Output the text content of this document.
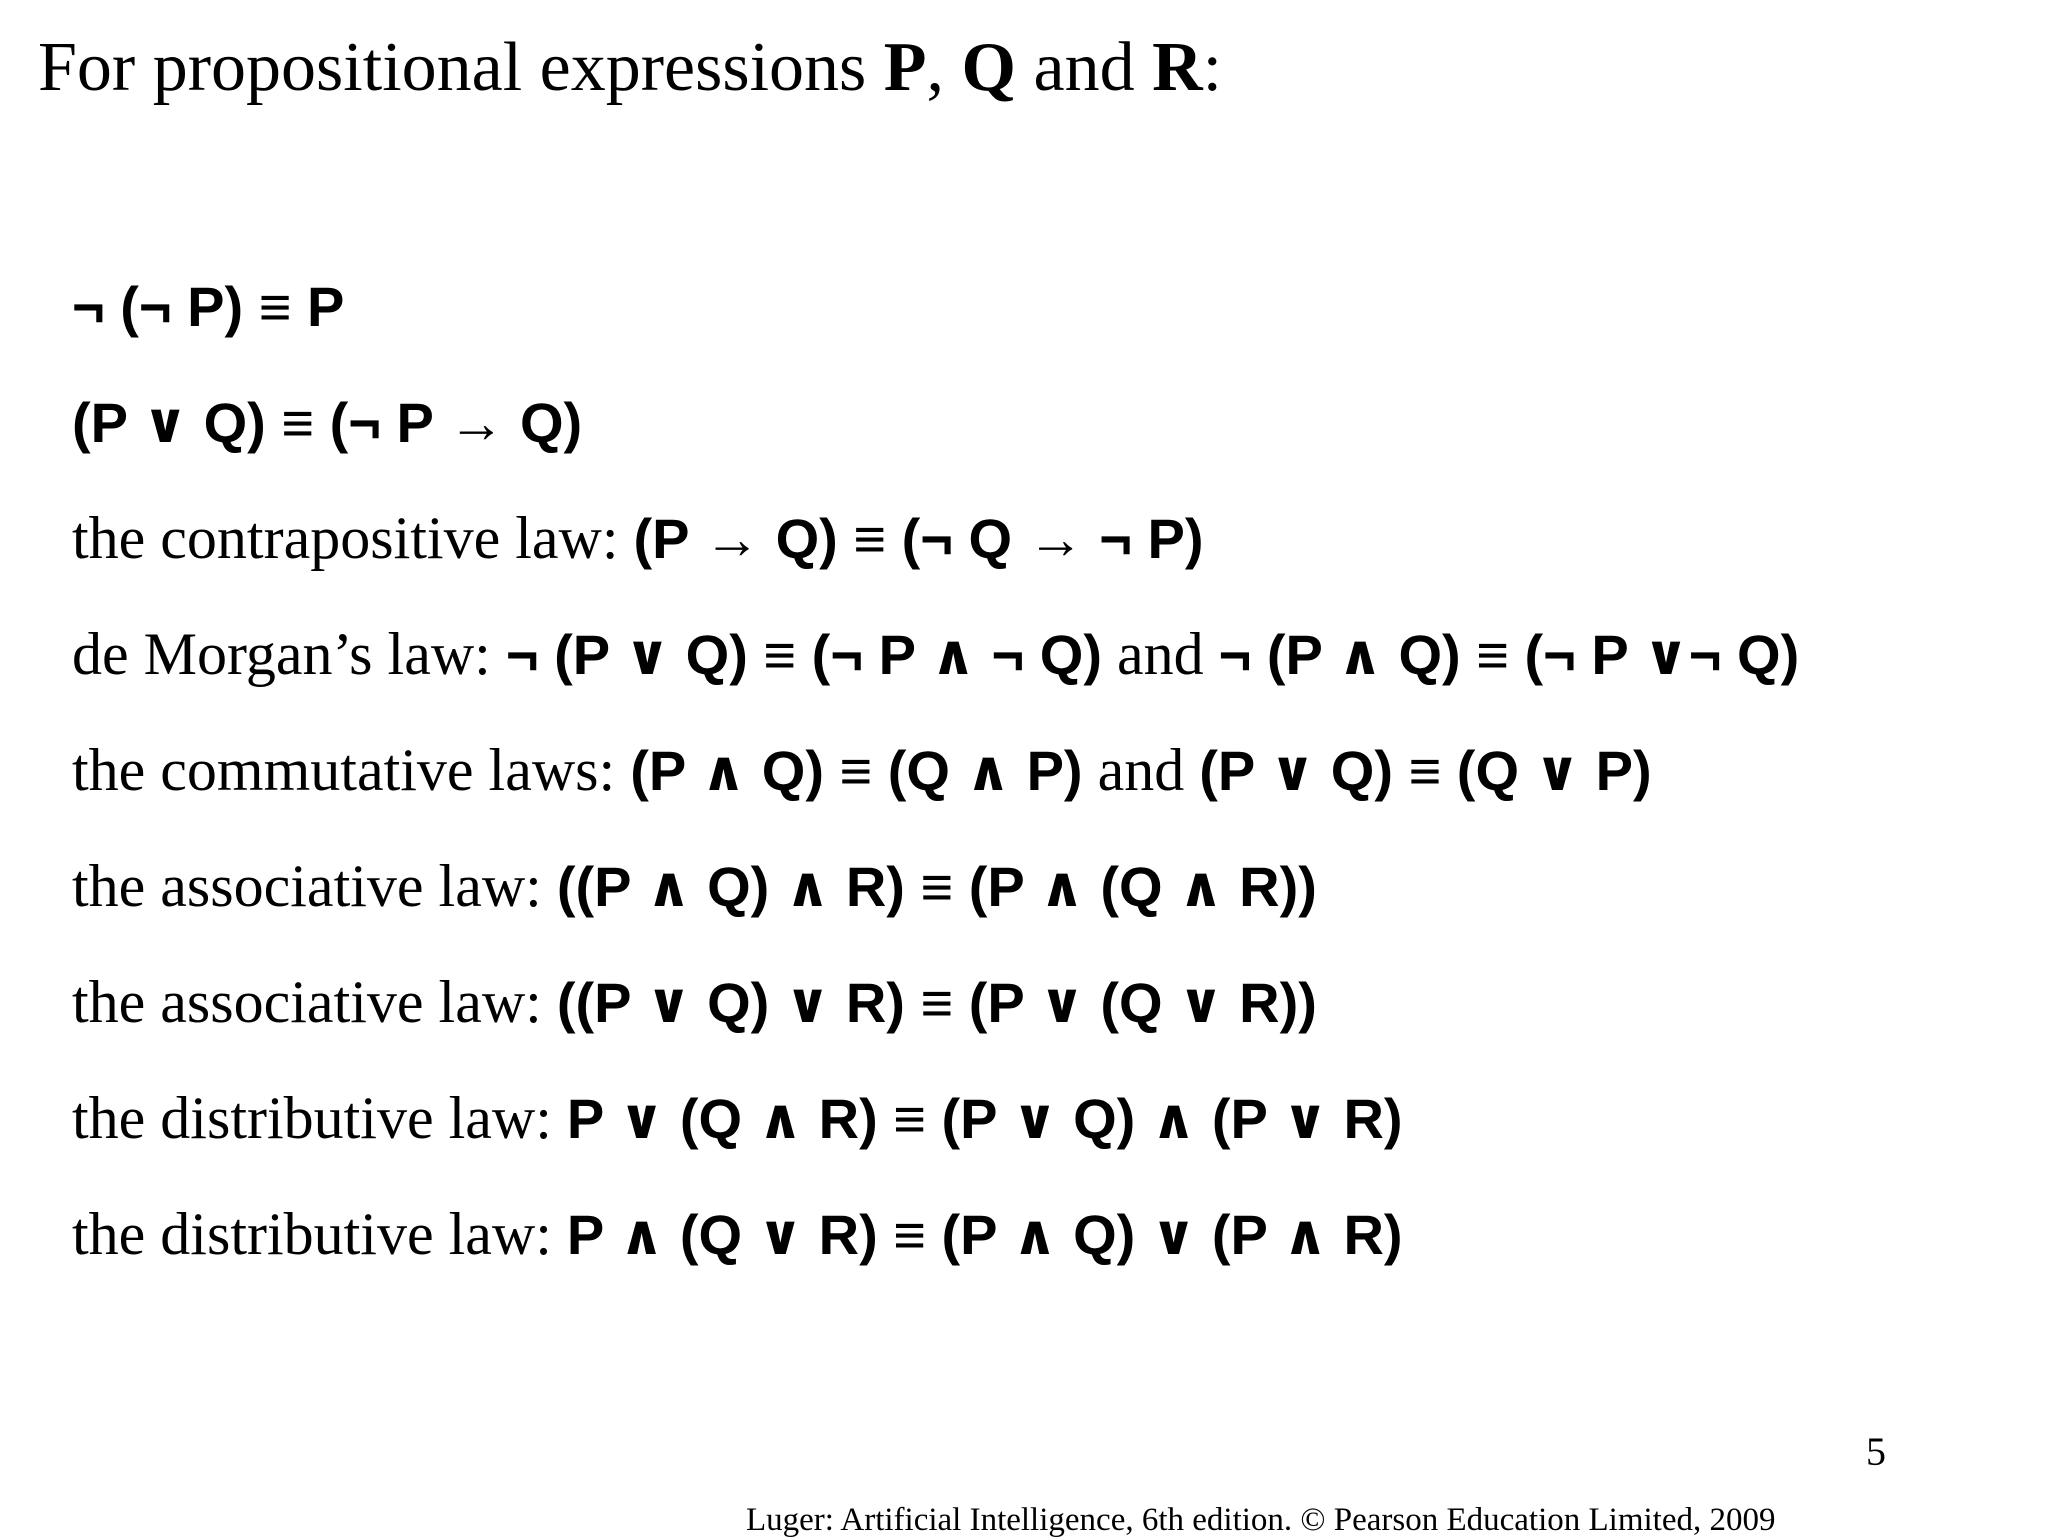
For propositional expressions P, Q and R:
¬ (¬ P) ≡ P
(P ∨ Q) ≡ (¬ P → Q)
the contrapositive law: (P → Q) ≡ (¬ Q → ¬ P)
de Morgan’s law: ¬ (P ∨ Q) ≡ (¬ P ∧ ¬ Q) and ¬ (P ∧ Q) ≡ (¬ P ∨¬ Q)
the commutative laws: (P ∧ Q) ≡ (Q ∧ P) and (P ∨ Q) ≡ (Q ∨ P)
the associative law: ((P ∧ Q) ∧ R) ≡ (P ∧ (Q ∧ R))
the associative law: ((P ∨ Q) ∨ R) ≡ (P ∨ (Q ∨ R))
the distributive law: P ∨ (Q ∧ R) ≡ (P ∨ Q) ∧ (P ∨ R)
the distributive law: P ∧ (Q ∨ R) ≡ (P ∧ Q) ∨ (P ∧ R)
5
Luger: Artificial Intelligence, 6th edition. © Pearson Education Limited, 2009
